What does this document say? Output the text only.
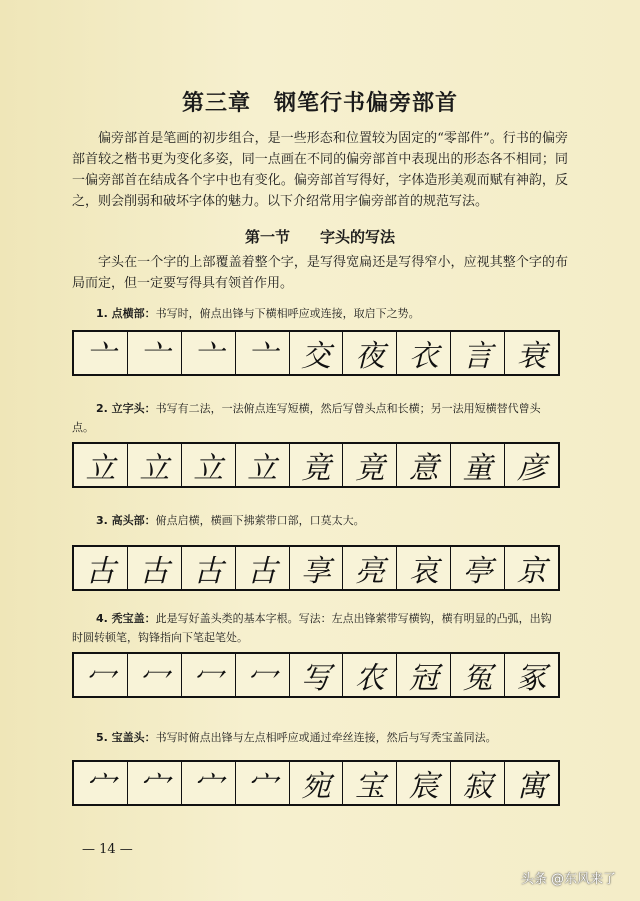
第三章　钢笔行书偏旁部首

偏旁部首是笔画的初步组合，是一些形态和位置较为固定的“零部件”。行书的偏旁部首较之楷书更为变化多姿，同一点画在不同的偏旁部首中表现出的形态各不相同；同一偏旁部首在结成各个字中也有变化。偏旁部首写得好，字体造形美观而赋有神韵，反之，则会削弱和破坏字体的魅力。以下介绍常用字偏旁部首的规范写法。

第一节　　字头的写法

字头在一个字的上部覆盖着整个字，是写得宽扁还是写得窄小，应视其整个字的布局而定，但一定要写得具有领首作用。

1. 点横部：书写时，俯点出锋与下横相呼应或连接，取启下之势。

亠 亠 亠 亠 交 夜 衣 言 衰

2. 立字头：书写有二法，一法俯点连写短横，然后写曾头点和长横；另一法用短横替代曾头点。

立 立 立 立 竟 竟 意 童 彦

3. 高头部：俯点启横，横画下拂萦带口部，口莫太大。

古 古 古 古 享 亮 哀 亭 京

4. 秃宝盖：此是写好盖头类的基本字根。写法：左点出锋萦带写横钩，横有明显的凸弧，出钩时圆转顿笔，钩锋指向下笔起笔处。

冖 冖 冖 冖 写 农 冠 冤 冢

5. 宝盖头：书写时俯点出锋与左点相呼应或通过牵丝连接，然后与写秃宝盖同法。

宀 宀 宀 宀 宛 宝 宸 寂 寓
— 14 —
头条 @东风来了
